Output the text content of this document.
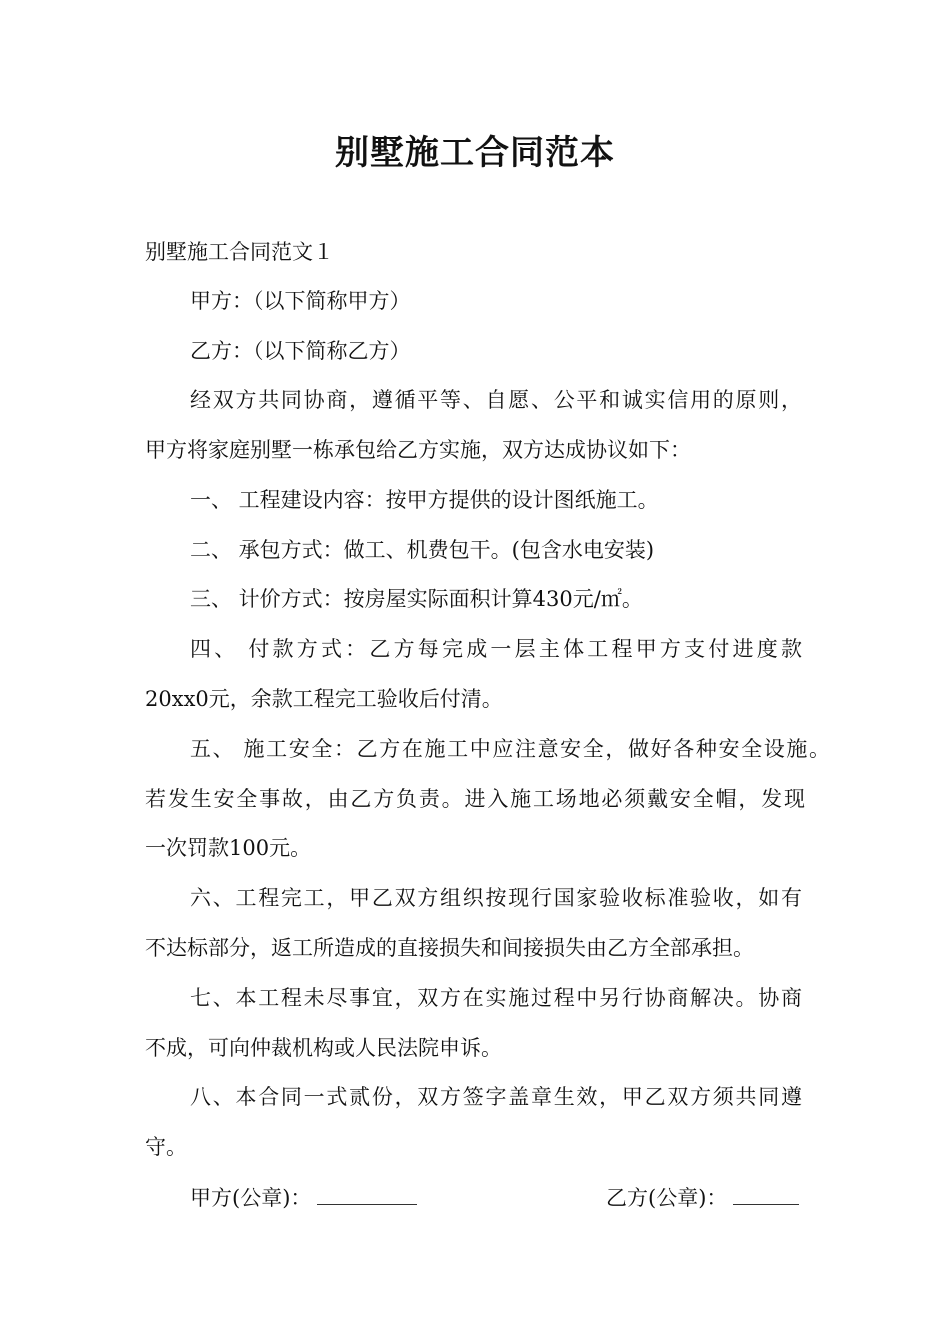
别墅施工合同范本

别墅施工合同范文１

甲方：（以下简称甲方）

乙方：（以下简称乙方）

经双方共同协商，遵循平等、自愿、公平和诚实信用的原则，

甲方将家庭别墅一栋承包给乙方实施，双方达成协议如下：

一、 工程建设内容：按甲方提供的设计图纸施工。

二、 承包方式：做工、机费包干。(包含水电安装)

三、 计价方式：按房屋实际面积计算430元/㎡。

四、 付款方式：乙方每完成一层主体工程甲方支付进度款

20xx0元，余款工程完工验收后付清。

五、 施工安全：乙方在施工中应注意安全，做好各种安全设施。

若发生安全事故，由乙方负责。进入施工场地必须戴安全帽，发现

一次罚款100元。

六、工程完工，甲乙双方组织按现行国家验收标准验收，如有

不达标部分，返工所造成的直接损失和间接损失由乙方全部承担。

七、本工程未尽事宜，双方在实施过程中另行协商解决。协商

不成，可向仲裁机构或人民法院申诉。

八、本合同一式贰份，双方签字盖章生效，甲乙双方须共同遵

守。

甲方(公章)：	乙方(公章)：
